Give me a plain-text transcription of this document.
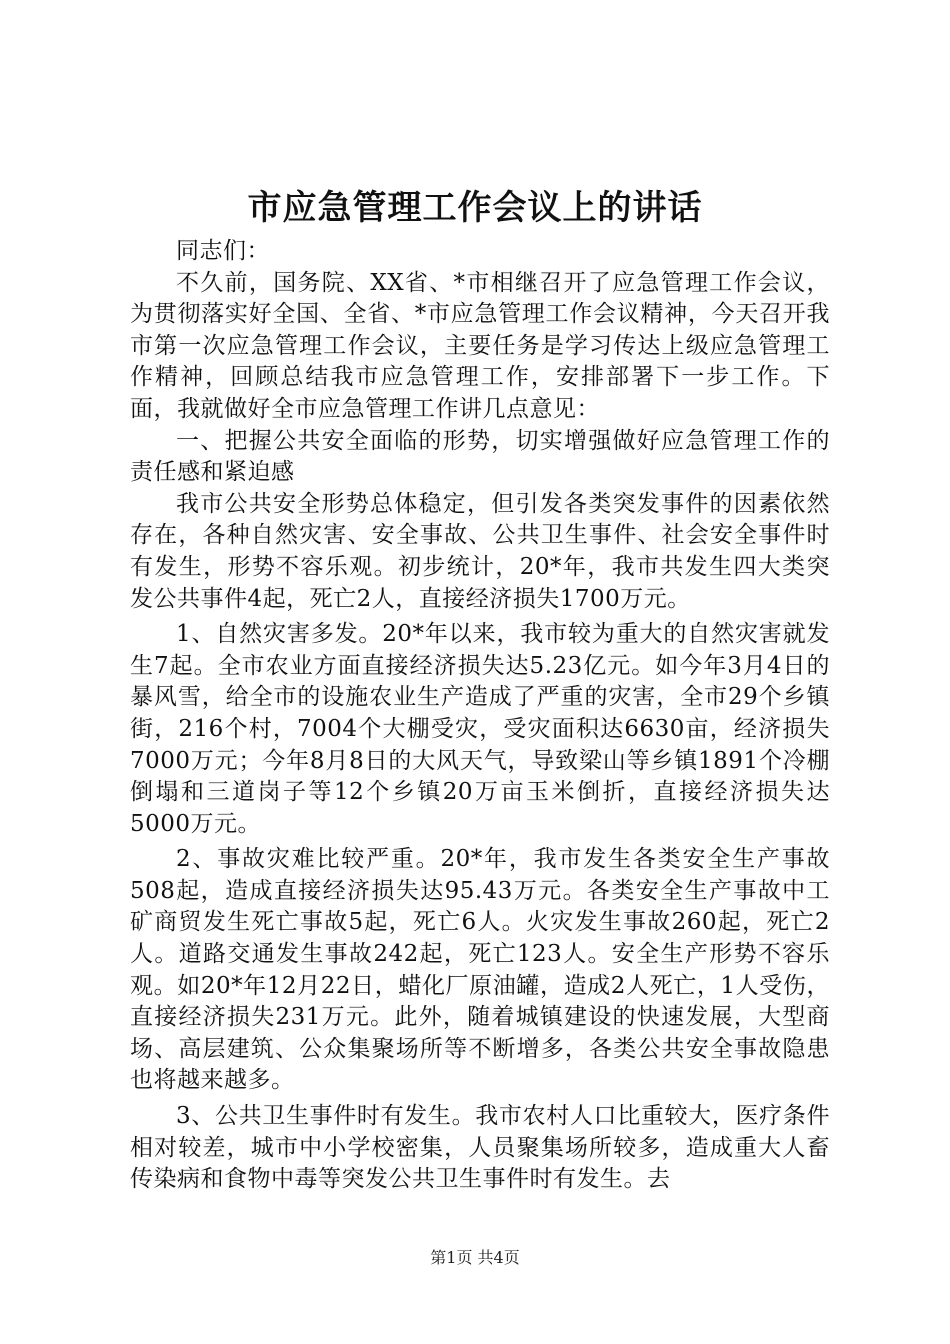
市应急管理工作会议上的讲话

同志们：

不久前，国务院、XX省、*市相继召开了应急管理工作会议，为贯彻落实好全国、全省、*市应急管理工作会议精神，今天召开我市第一次应急管理工作会议，主要任务是学习传达上级应急管理工作精神，回顾总结我市应急管理工作，安排部署下一步工作。下面，我就做好全市应急管理工作讲几点意见：

一、把握公共安全面临的形势，切实增强做好应急管理工作的责任感和紧迫感

我市公共安全形势总体稳定，但引发各类突发事件的因素依然存在，各种自然灾害、安全事故、公共卫生事件、社会安全事件时有发生，形势不容乐观。初步统计，20*年，我市共发生四大类突发公共事件4起，死亡2人，直接经济损失1700万元。

1、自然灾害多发。20*年以来，我市较为重大的自然灾害就发生7起。全市农业方面直接经济损失达5.23亿元。如今年3月4日的暴风雪，给全市的设施农业生产造成了严重的灾害，全市29个乡镇街，216个村，7004个大棚受灾，受灾面积达6630亩，经济损失7000万元；今年8月8日的大风天气，导致梁山等乡镇1891个冷棚倒塌和三道岗子等12个乡镇20万亩玉米倒折，直接经济损失达5000万元。

2、事故灾难比较严重。20*年，我市发生各类安全生产事故508起，造成直接经济损失达95.43万元。各类安全生产事故中工矿商贸发生死亡事故5起，死亡6人。火灾发生事故260起，死亡2人。道路交通发生事故242起，死亡123人。安全生产形势不容乐观。如20*年12月22日，蜡化厂原油罐，造成2人死亡，1人受伤，直接经济损失231万元。此外，随着城镇建设的快速发展，大型商场、高层建筑、公众集聚场所等不断增多，各类公共安全事故隐患也将越来越多。

3、公共卫生事件时有发生。我市农村人口比重较大，医疗条件相对较差，城市中小学校密集，人员聚集场所较多，造成重大人畜传染病和食物中毒等突发公共卫生事件时有发生。去

第1页 共4页
